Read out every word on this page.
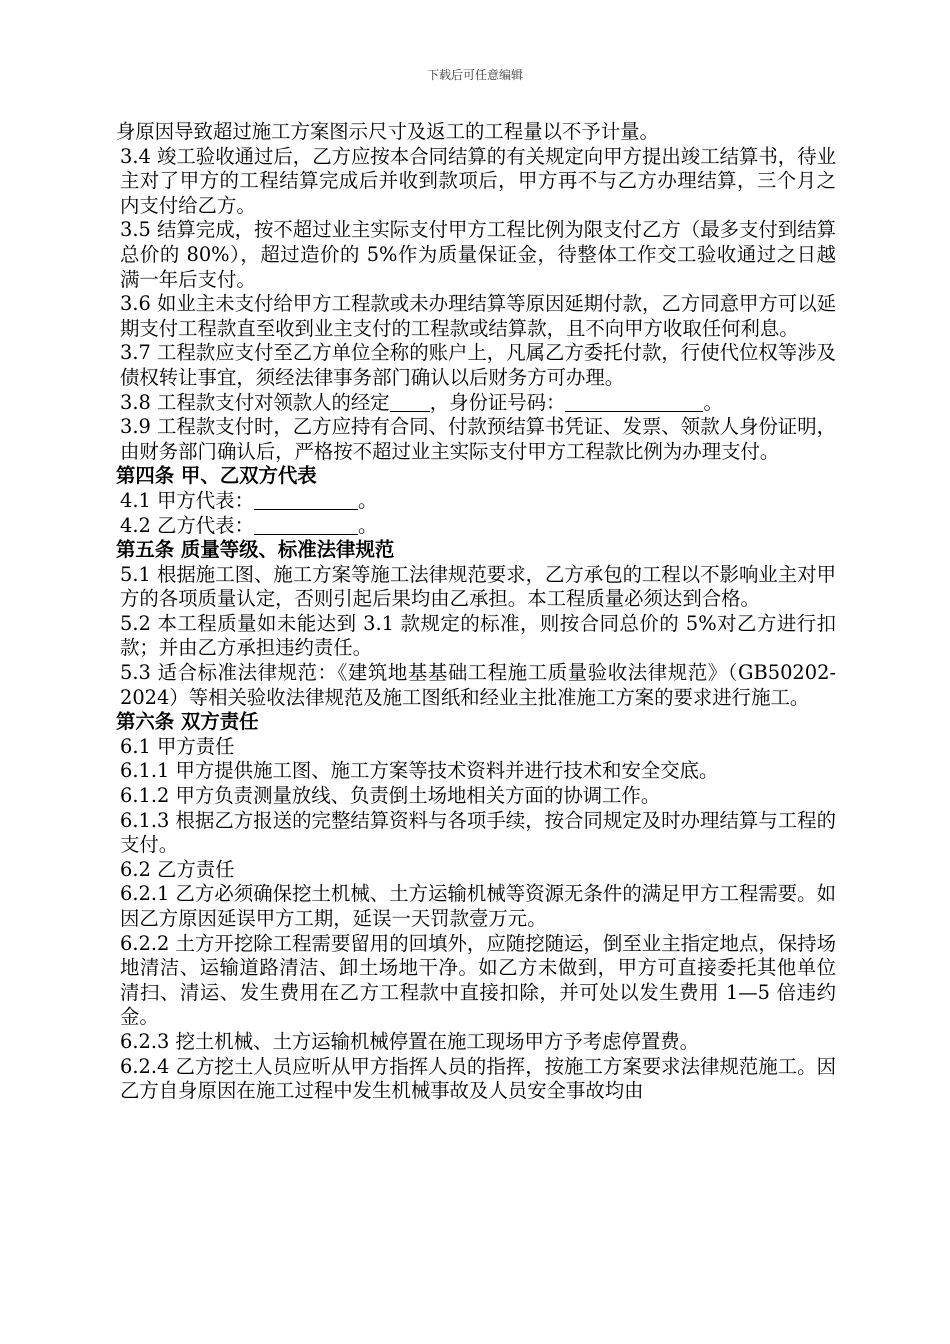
下载后可任意编辑

身原因导致超过施工方案图示尺寸及返工的工程量以不予计量。

3.4 竣工验收通过后，乙方应按本合同结算的有关规定向甲方提出竣工结算书，待业主对了甲方的工程结算完成后并收到款项后，甲方再不与乙方办理结算，三个月之内支付给乙方。

3.5 结算完成，按不超过业主实际支付甲方工程比例为限支付乙方（最多支付到结算总价的 80%），超过造价的 5%作为质量保证金，待整体工作交工验收通过之日越满一年后支付。

3.6 如业主未支付给甲方工程款或未办理结算等原因延期付款，乙方同意甲方可以延期支付工程款直至收到业主支付的工程款或结算款，且不向甲方收取任何利息。

3.7 工程款应支付至乙方单位全称的账户上，凡属乙方委托付款，行使代位权等涉及债权转让事宜，须经法律事务部门确认以后财务方可办理。

3.8 工程款支付对领款人的经定 ，身份证号码：	。

3.9 工程款支付时，乙方应持有合同、付款预结算书凭证、发票、领款人身份证明，由财务部门确认后，严格按不超过业主实际支付甲方工程款比例为办理支付。

第四条 甲、乙双方代表

4.1 甲方代表：	。

4.2 乙方代表：	。

第五条 质量等级、标准法律规范

5.1 根据施工图、施工方案等施工法律规范要求，乙方承包的工程以不影响业主对甲方的各项质量认定，否则引起后果均由乙承担。本工程质量必须达到合格。

5.2 本工程质量如未能达到 3.1 款规定的标准，则按合同总价的 5%对乙方进行扣款；并由乙方承担违约责任。

5.3 适合标准法律规范：《建筑地基基础工程施工质量验收法律规范》（GB50202-2024）等相关验收法律规范及施工图纸和经业主批准施工方案的要求进行施工。

第六条 双方责任

6.1 甲方责任

6.1.1 甲方提供施工图、施工方案等技术资料并进行技术和安全交底。

6.1.2 甲方负责测量放线、负责倒土场地相关方面的协调工作。

6.1.3 根据乙方报送的完整结算资料与各项手续，按合同规定及时办理结算与工程的支付。

6.2 乙方责任

6.2.1 乙方必须确保挖土机械、土方运输机械等资源无条件的满足甲方工程需要。如因乙方原因延误甲方工期，延误一天罚款壹万元。

6.2.2 土方开挖除工程需要留用的回填外，应随挖随运，倒至业主指定地点，保持场地清洁、运输道路清洁、卸土场地干净。如乙方未做到，甲方可直接委托其他单位清扫、清运、发生费用在乙方工程款中直接扣除，并可处以发生费用 1—5 倍违约金。

6.2.3 挖土机械、土方运输机械停置在施工现场甲方予考虑停置费。

6.2.4 乙方挖土人员应听从甲方指挥人员的指挥，按施工方案要求法律规范施工。因乙方自身原因在施工过程中发生机械事故及人员安全事故均由
